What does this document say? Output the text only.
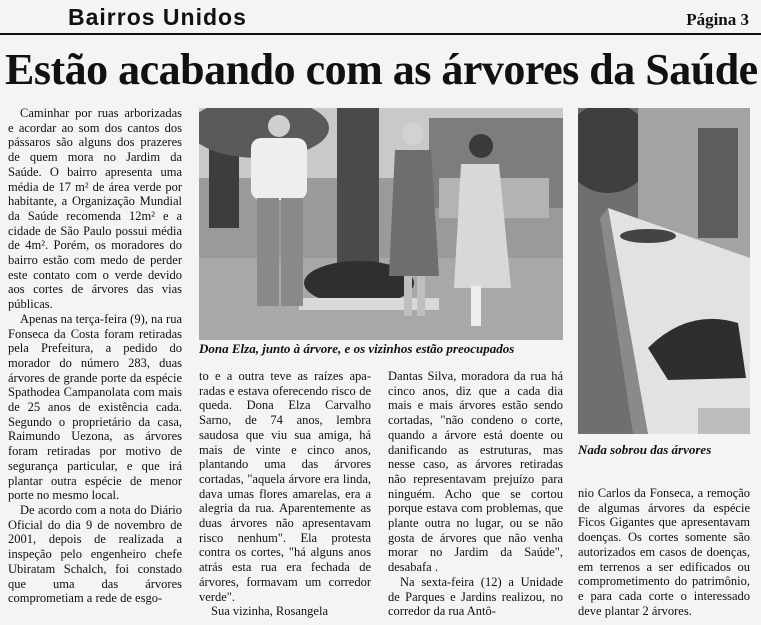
Bairros Unidos	Página 3
Estão acabando com as árvores da Saúde
Dona Elza, junto à árvore, e os vizinhos estão preocupados
Nada sobrou das árvores

Caminhar por ruas arborizadas e acordar ao som dos cantos dos pássaros são alguns dos prazeres de quem mora no Jardim da Saúde. O bairro apresenta uma média de 17 m² de área verde por habitante, a Organização Mundial da Saúde recomenda 12m² e a cidade de São Paulo possui média de 4m². Porém, os moradores do bairro estão com medo de perder este contato com o verde devido aos cortes de árvores das vias públicas.

Apenas na terça-feira (9), na rua Fonseca da Costa foram retiradas pela Prefeitura, a pedido do morador do número 283, duas árvores de grande porte da espécie Spathodea Campanolata com mais de 25 anos de existência cada. Segundo o proprietário da casa, Raimundo Uezona, as árvores foram retiradas por motivo de segurança particular, e que irá plantar outra espécie de menor porte no mesmo local.

De acordo com a nota do Diário Oficial do dia 9 de novembro de 2001, depois de realizada a inspeção pelo engenheiro chefe Ubiratam Schalch, foi constado que uma das árvores comprometiam a rede de esgo-

to e a outra teve as raízes apa-radas e estava oferecendo risco de queda. Dona Elza Carvalho Sarno, de 74 anos, lembra saudosa que viu sua amiga, há mais de vinte e cinco anos, plantando uma das árvores cortadas, "aquela árvore era linda, dava umas flores amarelas, era a alegria da rua. Aparentemente as duas árvores não apresentavam risco nenhum". Ela protesta contra os cortes, "há alguns anos atrás esta rua era fechada de árvores, formavam um corredor verde".

Sua vizinha, Rosangela

Dantas Silva, moradora da rua há cinco anos, diz que a cada dia mais e mais árvores estão sendo cortadas, "não condeno o corte, quando a árvore está doente ou danificando as estruturas, mas nesse caso, as árvores retiradas não representavam prejuízo para ninguém. Acho que se cortou porque estava com problemas, que plante outra no lugar, ou se não gosta de árvores que não venha morar no Jardim da Saúde", desabafa .

Na sexta-feira (12) a Unidade de Parques e Jardins realizou, no corredor da rua Antô-

nio Carlos da Fonseca, a remoção de algumas árvores da espécie Ficos Gigantes que apresentavam doenças. Os cortes somente são autorizados em casos de doenças, em terrenos a ser edificados ou comprometimento do patrimônio, e para cada corte o interessado deve plantar 2 árvores.
